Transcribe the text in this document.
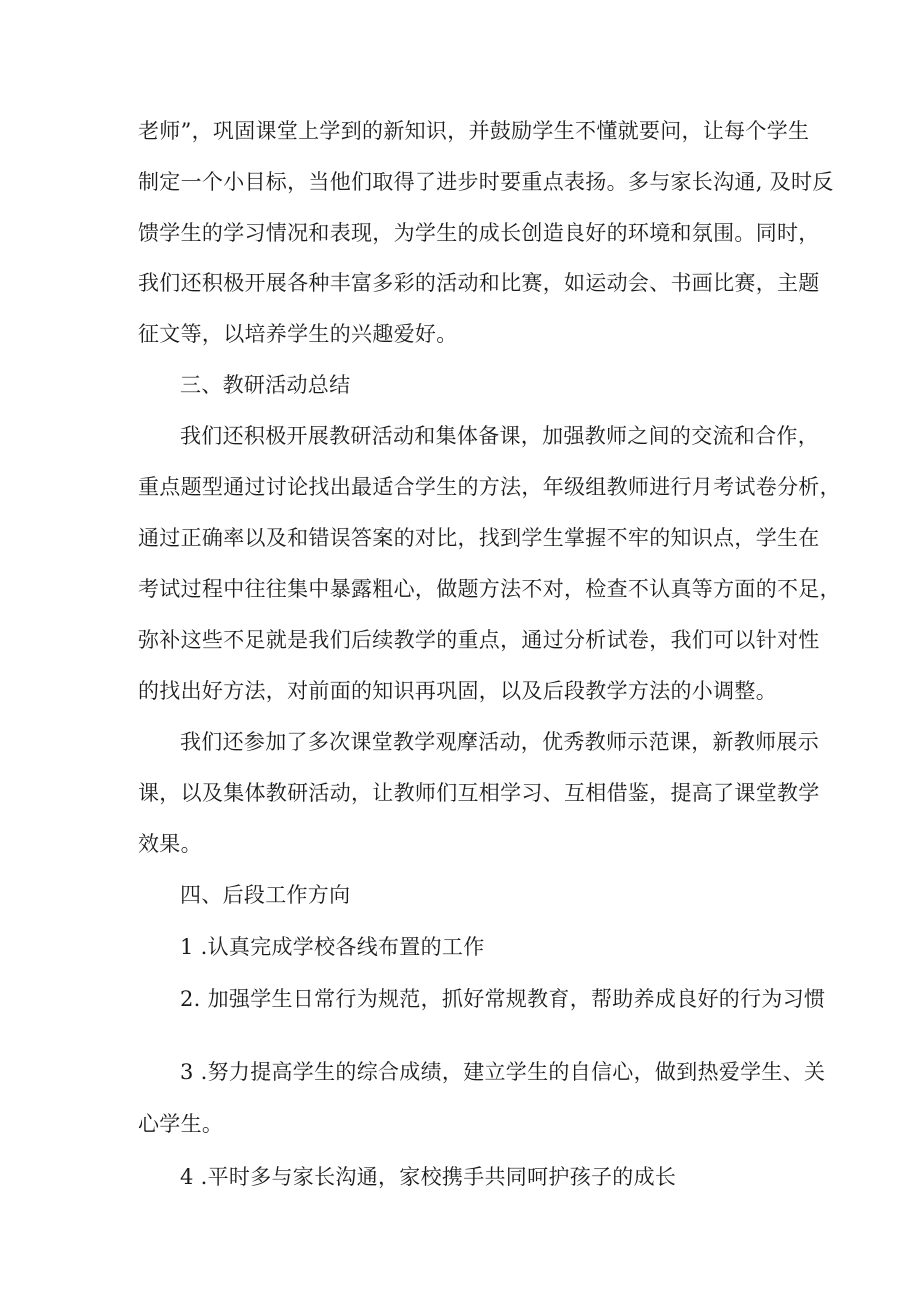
老师”，巩固课堂上学到的新知识，并鼓励学生不懂就要问，让每个学生
制定一个小目标，当他们取得了进步时要重点表扬。多与家长沟通, 及时反
馈学生的学习情况和表现，为学生的成长创造良好的环境和氛围。同时，
我们还积极开展各种丰富多彩的活动和比赛，如运动会、书画比赛，主题
征文等，以培养学生的兴趣爱好。
三、教研活动总结
我们还积极开展教研活动和集体备课，加强教师之间的交流和合作，
重点题型通过讨论找出最适合学生的方法，年级组教师进行月考试卷分析，
通过正确率以及和错误答案的对比，找到学生掌握不牢的知识点，学生在
考试过程中往往集中暴露粗心，做题方法不对，检查不认真等方面的不足，
弥补这些不足就是我们后续教学的重点，通过分析试卷，我们可以针对性
的找出好方法，对前面的知识再巩固，以及后段教学方法的小调整。
我们还参加了多次课堂教学观摩活动，优秀教师示范课，新教师展示
课，以及集体教研活动，让教师们互相学习、互相借鉴，提高了课堂教学
效果。
四、后段工作方向
1 .认真完成学校各线布置的工作
2. 加强学生日常行为规范，抓好常规教育，帮助养成良好的行为习惯
3 .努力提高学生的综合成绩，建立学生的自信心，做到热爱学生、关
心学生。
4 .平时多与家长沟通，家校携手共同呵护孩子的成长
